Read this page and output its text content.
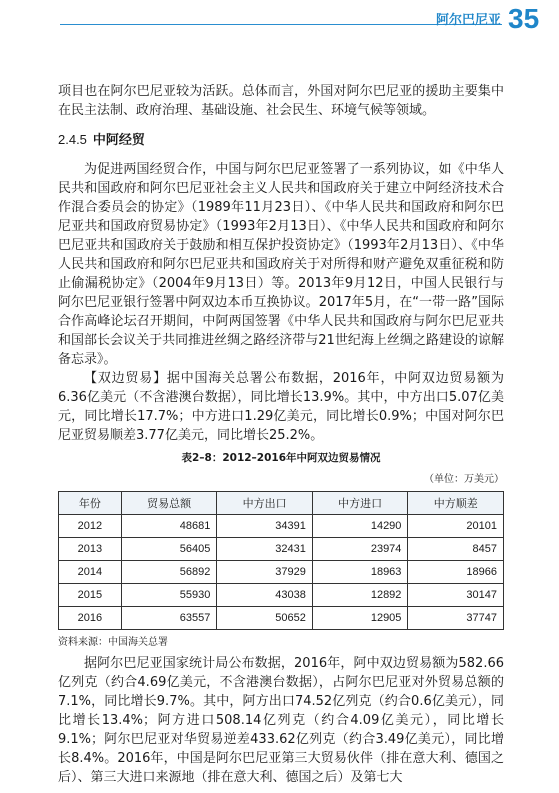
阿尔巴尼亚 35

项目也在阿尔巴尼亚较为活跃。总体而言，外国对阿尔巴尼亚的援助主要集中在民主法制、政府治理、基础设施、社会民生、环境气候等领域。

2.4.5 中阿经贸

为促进两国经贸合作，中国与阿尔巴尼亚签署了一系列协议，如《中华人民共和国政府和阿尔巴尼亚社会主义人民共和国政府关于建立中阿经济技术合作混合委员会的协定》（1989年11月23日）、《中华人民共和国政府和阿尔巴尼亚共和国政府贸易协定》（1993年2月13日）、《中华人民共和国政府和阿尔巴尼亚共和国政府关于鼓励和相互保护投资协定》（1993年2月13日）、《中华人民共和国政府和阿尔巴尼亚共和国政府关于对所得和财产避免双重征税和防止偷漏税协定》（2004年9月13日）等。2013年9月12日，中国人民银行与阿尔巴尼亚银行签署中阿双边本币互换协议。2017年5月，在“一带一路”国际合作高峰论坛召开期间，中阿两国签署《中华人民共和国政府与阿尔巴尼亚共和国部长会议关于共同推进丝绸之路经济带与21世纪海上丝绸之路建设的谅解备忘录》。

【双边贸易】据中国海关总署公布数据，2016年，中阿双边贸易额为6.36亿美元（不含港澳台数据），同比增长13.9%。其中，中方出口5.07亿美元，同比增长17.7%；中方进口1.29亿美元，同比增长0.9%；中国对阿尔巴尼亚贸易顺差3.77亿美元，同比增长25.2%。

表2–8：2012–2016年中阿双边贸易情况
（单位：万美元）
年份	贸易总额	中方出口	中方进口	中方顺差
2012	48681	34391	14290	20101
2013	56405	32431	23974	8457
2014	56892	37929	18963	18966
2015	55930	43038	12892	30147
2016	63557	50652	12905	37747
资料来源：中国海关总署

据阿尔巴尼亚国家统计局公布数据，2016年，阿中双边贸易额为582.66亿列克（约合4.69亿美元，不含港澳台数据），占阿尔巴尼亚对外贸易总额的7.1%，同比增长9.7%。其中，阿方出口74.52亿列克（约合0.6亿美元），同比增长13.4%；阿方进口508.14亿列克（约合4.09亿美元），同比增长9.1%；阿尔巴尼亚对华贸易逆差433.62亿列克（约合3.49亿美元），同比增长8.4%。2016年，中国是阿尔巴尼亚第三大贸易伙伴（排在意大利、德国之后）、第三大进口来源地（排在意大利、德国之后）及第七大
